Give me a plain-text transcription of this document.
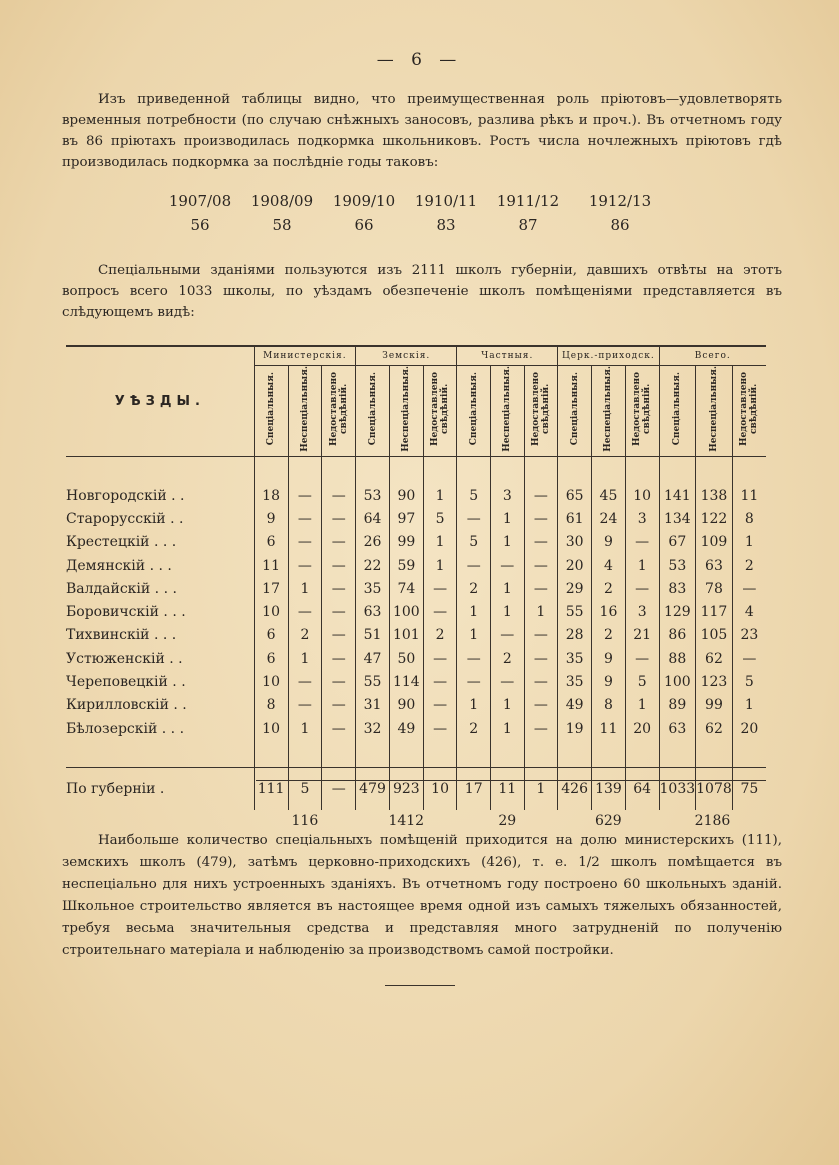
— 6 —
Изъ приведенной таблицы видно, что преимущественная роль пріютовъ—удовлетворять временныя потребности (по случаю снѣжныхъ заносовъ, разлива рѣкъ и проч.). Въ отчетномъ году въ 86 пріютахъ производилась подкормка школьниковъ. Ростъ числа ночлежныхъ пріютовъ гдѣ производилась подкормка за послѣдніе годы таковъ:
1907/08
56
1908/09
58
1909/10
66
1910/11
83
1911/12
87
1912/13
86
Спеціальными зданіями пользуются изъ 2111 школъ губерніи, давшихъ отвѣты на этотъ вопросъ всего 1033 школы, по уѣздамъ обезпеченіе школъ помѣщеніями представляется въ слѣдующемъ видѣ:
УѢЗДЫ.	Министерскія.			Земскія.			Частныя.			Церк.-приходск.			Всего.		
	Спеціальныя.	Неспеціальныя.	Недоставлено свѣдѣній.	Спеціальныя.	Неспеціальныя.	Недоставлено свѣдѣній.	Спеціальныя.	Неспеціальныя.	Недоставлено свѣдѣній.	Спеціальныя.	Неспеціальныя.	Недоставлено свѣдѣній.	Спеціальныя.	Неспеціальныя.	Недоставлено свѣдѣній.

Новгородскій . .	18	—	—	53	90	1	5	3	—	65	45	10	141	138	11
Старорусскій . .	9	—	—	64	97	5	—	1	—	61	24	3	134	122	8
Крестецкій . . .	6	—	—	26	99	1	5	1	—	30	9	—	67	109	1
Демянскій . . .	11	—	—	22	59	1	—	—	—	20	4	1	53	63	2
Валдайскій . . .	17	1	—	35	74	—	2	1	—	29	2	—	83	78	—
Боровичскій . . .	10	—	—	63	100	—	1	1	1	55	16	3	129	117	4
Тихвинскій . . .	6	2	—	51	101	2	1	—	—	28	2	21	86	105	23
Устюженскій . .	6	1	—	47	50	—	—	2	—	35	9	—	88	62	—
Череповецкій . .	10	—	—	55	114	—	—	—	—	35	9	5	100	123	5
Кирилловскій . .	8	—	—	31	90	—	1	1	—	49	8	1	89	99	1
Бѣлозерскій . . .	10	1	—	32	49	—	2	1	—	19	11	20	63	62	20

По губерніи .	111	5	—	479	923	10	17	11	1	426	139	64	1033	1078	75
	116			1412			29			629			2186		
Наибольше количество спеціальныхъ помѣщеній приходится на долю министерскихъ (111), земскихъ школъ (479), затѣмъ церковно-приходскихъ (426), т. е. 1/2 школъ помѣщается въ неспеціально для нихъ устроенныхъ зданіяхъ. Въ отчетномъ году построено 60 школьныхъ зданій. Школьное строительство является въ настоящее время одной изъ самыхъ тяжелыхъ обязанностей, требуя весьма значительныя средства и представляя много затрудненій по полученію строительнаго матеріала и наблюденію за производствомъ самой постройки.
